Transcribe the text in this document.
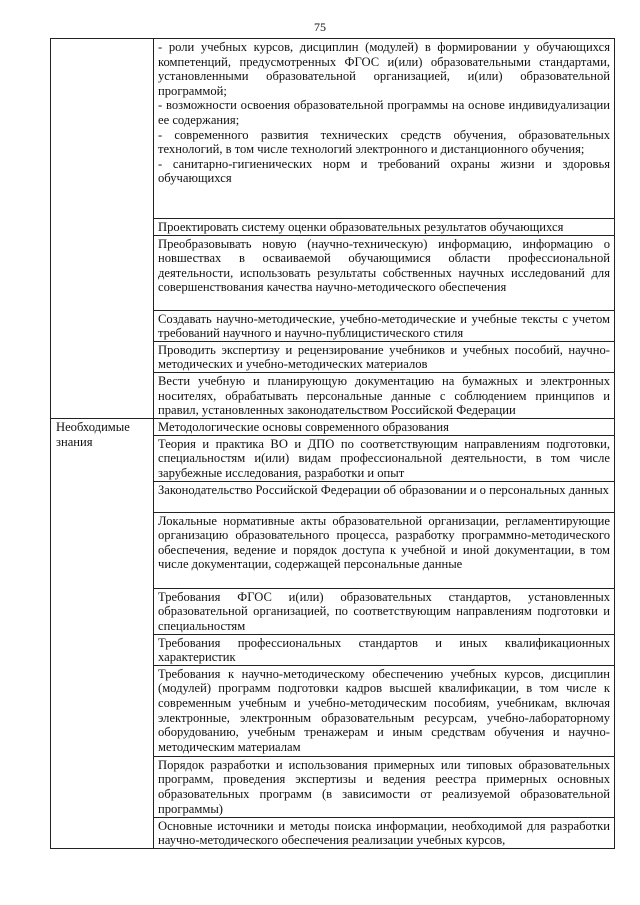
75

	- роли учебных курсов, дисциплин (модулей) в формировании у обучающихся компетенций, предусмотренных ФГОС и(или) образовательными стандартами, установленными образовательной организацией, и(или) образовательной программой;
- возможности освоения образовательной программы на основе индивидуализации ее содержания;
- современного развития технических средств обучения, образовательных технологий, в том числе технологий электронного и дистанционного обучения;
- санитарно-гигиенических норм и требований охраны жизни и здоровья обучающихся

	Проектировать систему оценки образовательных результатов обучающихся

	Преобразовывать новую (научно-техническую) информацию, информацию о новшествах в осваиваемой обучающимися области профессиональной деятельности, использовать результаты собственных научных исследований для совершенствования качества научно-методического обеспечения

	Создавать научно-методические, учебно-методические и учебные тексты с учетом требований научного и научно-публицистического стиля

	Проводить экспертизу и рецензирование учебников и учебных пособий, научно-методических и учебно-методических материалов

	Вести учебную и планирующую документацию на бумажных и электронных носителях, обрабатывать персональные данные с соблюдением принципов и правил, установленных законодательством Российской Федерации

Необходимые знания	Методологические основы современного образования

	Теория и практика ВО и ДПО по соответствующим направлениям подготовки, специальностям и(или) видам профессиональной деятельности, в том числе зарубежные исследования, разработки и опыт

	Законодательство Российской Федерации об образовании и о персональных данных

	Локальные нормативные акты образовательной организации, регламентирующие организацию образовательного процесса, разработку программно-методического обеспечения, ведение и порядок доступа к учебной и иной документации, в том числе документации, содержащей персональные данные

	Требования ФГОС и(или) образовательных стандартов, установленных образовательной организацией, по соответствующим направлениям подготовки и специальностям

	Требования профессиональных стандартов и иных квалификационных характеристик

	Требования к научно-методическому обеспечению учебных курсов, дисциплин (модулей) программ подготовки кадров высшей квалификации, в том числе к современным учебным и учебно-методическим пособиям, учебникам, включая электронные, электронным образовательным ресурсам, учебно-лабораторному оборудованию, учебным тренажерам и иным средствам обучения и научно-методическим материалам

	Порядок разработки и использования примерных или типовых образовательных программ, проведения экспертизы и ведения реестра примерных основных образовательных программ (в зависимости от реализуемой образовательной программы)

	Основные источники и методы поиска информации, необходимой для разработки научно-методического обеспечения реализации учебных курсов,
